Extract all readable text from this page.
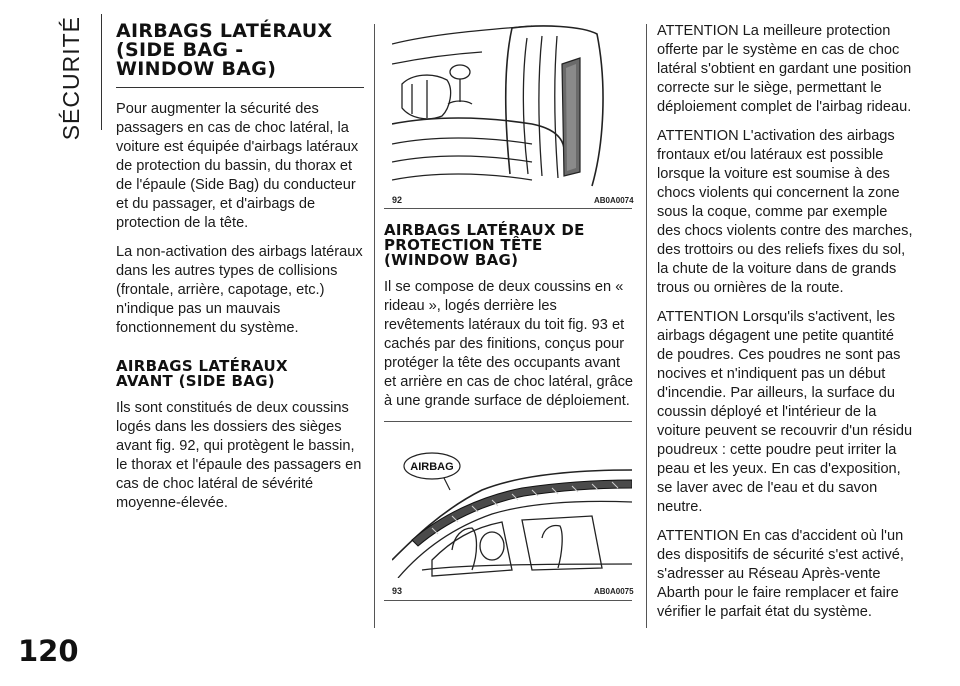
SÉCURITÉ
120
AIRBAGS LATÉRAUX
(SIDE BAG -
WINDOW BAG)

Pour augmenter la sécurité des passagers en cas de choc latéral, la voiture est équipée d'airbags latéraux de protection du bassin, du thorax et de l'épaule (Side Bag) du conducteur et du passager, et d'airbags de protection de la tête.

La non-activation des airbags latéraux dans les autres types de collisions (frontale, arrière, capotage, etc.) n'indique pas un mauvais fonctionnement du système.

AIRBAGS LATÉRAUX
AVANT (SIDE BAG)

Ils sont constitués de deux coussins logés dans les dossiers des sièges avant fig. 92, qui protègent le bassin, le thorax et l'épaule des passagers en cas de choc latéral de sévérité moyenne-élevée.

92	AB0A0074
AIRBAGS LATÉRAUX DE
PROTECTION TÊTE
(WINDOW BAG)

Il se compose de deux coussins en « rideau », logés derrière les revêtements latéraux du toit fig. 93 et cachés par des finitions, conçus pour protéger la tête des occupants avant et arrière en cas de choc latéral, grâce à une grande surface de déploiement.

AIRBAG
93	AB0A0075

ATTENTION La meilleure protection offerte par le système en cas de choc latéral s'obtient en gardant une position correcte sur le siège, permettant le déploiement complet de l'airbag rideau.

ATTENTION L'activation des airbags frontaux et/ou latéraux est possible lorsque la voiture est soumise à des chocs violents qui concernent la zone sous la coque, comme par exemple des chocs violents contre des marches, des trottoirs ou des reliefs fixes du sol, la chute de la voiture dans de grands trous ou ornières de la route.

ATTENTION Lorsqu'ils s'activent, les airbags dégagent une petite quantité de poudres. Ces poudres ne sont pas nocives et n'indiquent pas un début d'incendie. Par ailleurs, la surface du coussin déployé et l'intérieur de la voiture peuvent se recouvrir d'un résidu poudreux : cette poudre peut irriter la peau et les yeux. En cas d'exposition, se laver avec de l'eau et du savon neutre.

ATTENTION En cas d'accident où l'un des dispositifs de sécurité s'est activé, s'adresser au Réseau Après-vente Abarth pour le faire remplacer et faire vérifier le parfait état du système.
